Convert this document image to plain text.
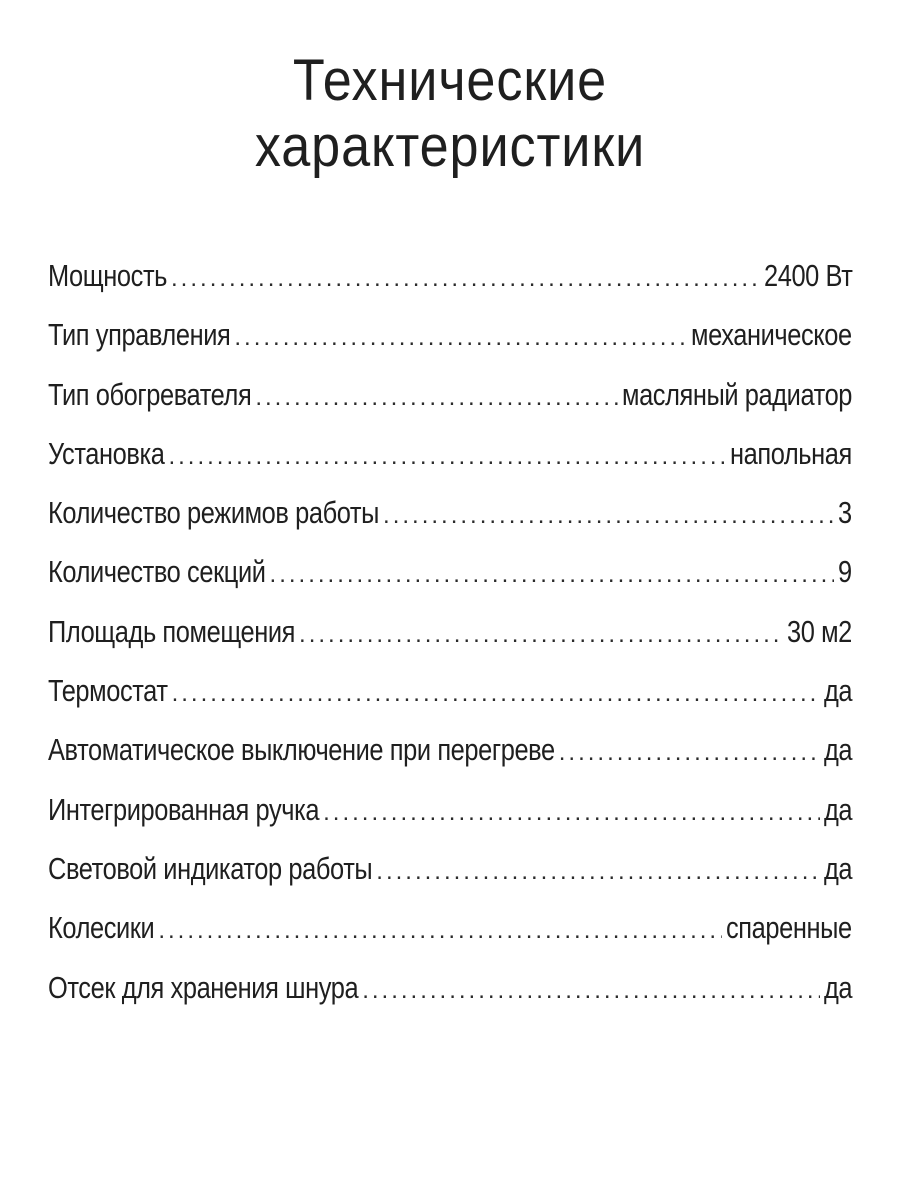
Технические
характеристики
Мощность .....	2400 Вт
Тип управления .....	механическое
Тип обогревателя .....	масляный радиатор
Установка .....	напольная
Количество режимов работы .....	3
Количество секций .....	9
Площадь помещения .....	30 м2
Термостат .....	да
Автоматическое выключение при перегреве .....	да
Интегрированная ручка .....	да
Световой индикатор работы .....	да
Колесики .....	спаренные
Отсек для хранения шнура .....	да
